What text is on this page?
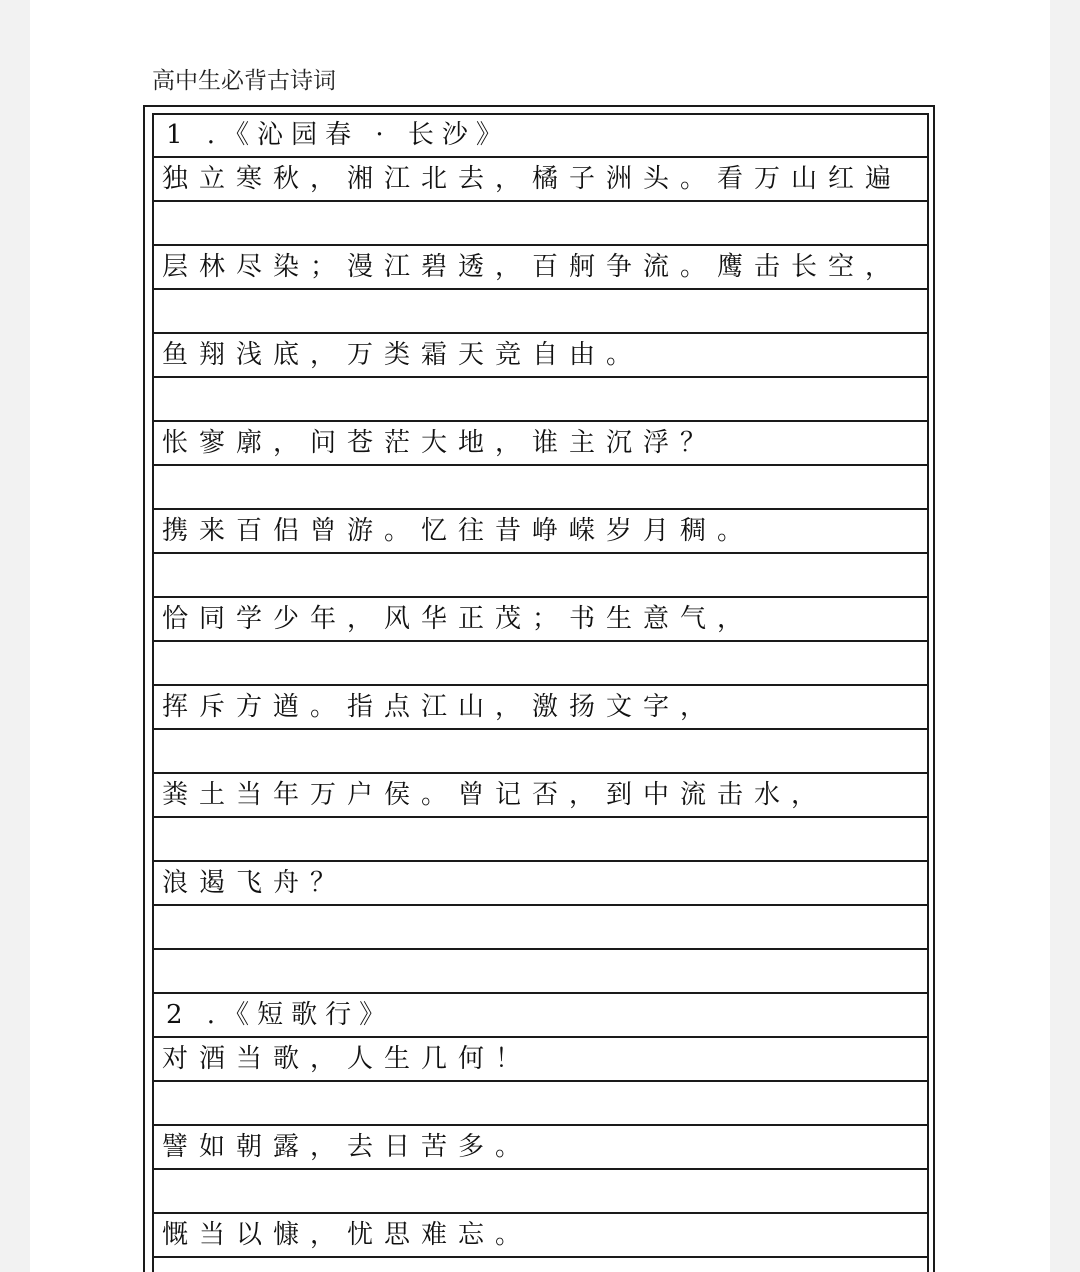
高中生必背古诗词
1 .《沁园春 · 长沙》
独立寒秋，湘江北去，橘子洲头。看万山红遍
层林尽染；漫江碧透，百舸争流。鹰击长空，
鱼翔浅底，万类霜天竞自由。
怅寥廓，问苍茫大地，谁主沉浮？
携来百侣曾游。忆往昔峥嵘岁月稠。
恰同学少年，风华正茂；书生意气，
挥斥方遒。指点江山，激扬文字，
粪土当年万户侯。曾记否，到中流击水，
浪遏飞舟？
2 .《短歌行》
对酒当歌，人生几何！
譬如朝露，去日苦多。
慨当以慷，忧思难忘。
